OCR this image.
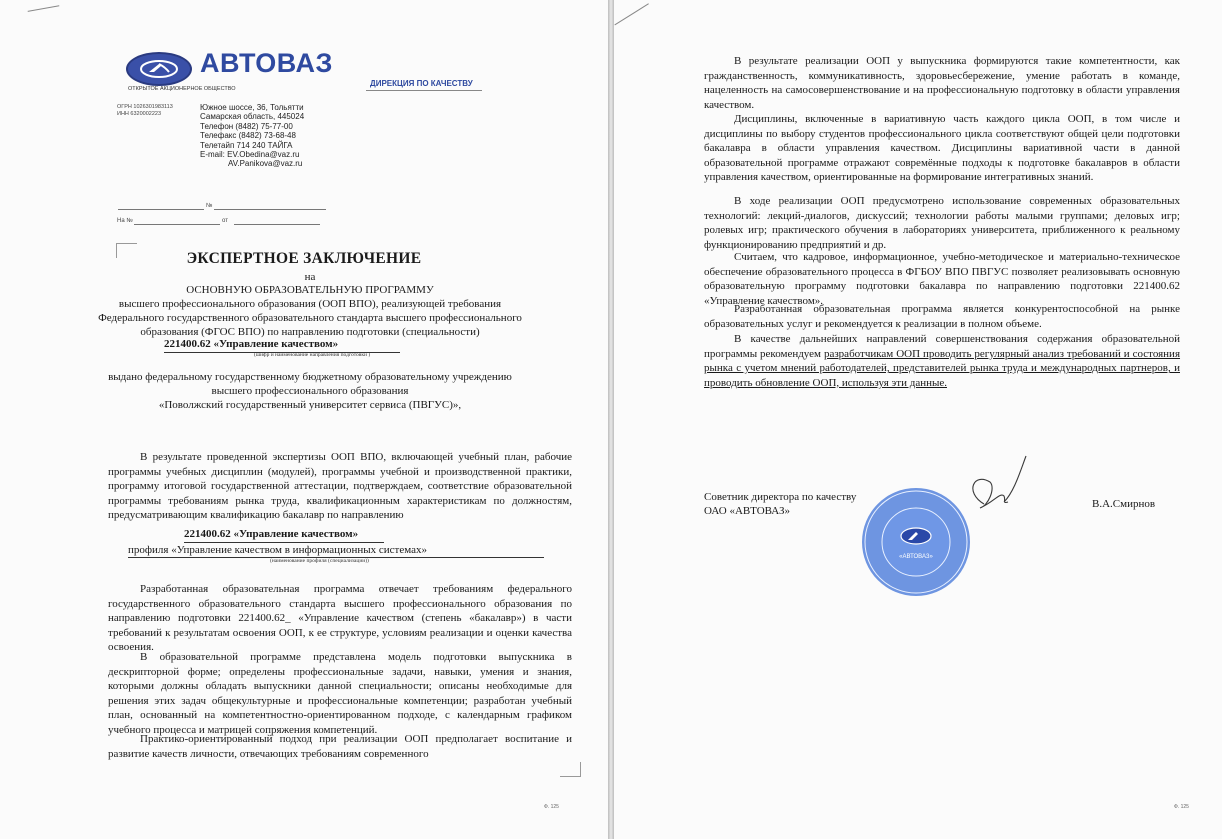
АВТОВАЗ
ОТКРЫТОЕ АКЦИОНЕРНОЕ ОБЩЕСТВО
ДИРЕКЦИЯ ПО КАЧЕСТВУ
ОГРН 1026301983113
ИНН 6320002223
Южное шоссе, 36, Тольятти
Самарская область, 445024
Телефон (8482) 75-77-00
Телефакс (8482) 73-68-48
Телетайп 714 240 ТАЙГА
E-mail: EV.Obedina@vaz.ru
AV.Panikova@vaz.ru
№
На №	от
ЭКСПЕРТНОЕ ЗАКЛЮЧЕНИЕ
на
ОСНОВНУЮ ОБРАЗОВАТЕЛЬНУЮ ПРОГРАММУ
высшего профессионального образования (ООП ВПО), реализующей требования
Федерального государственного образовательного стандарта высшего профессионального
образования (ФГОС ВПО) по направлению подготовки (специальности)
221400.62 «Управление качеством»
(шифр и наименование направления подготовки )
выдано федеральному государственному бюджетному образовательному учреждению
высшего профессионального образования
«Поволжский государственный университет сервиса (ПВГУС)»,
В результате проведенной экспертизы ООП ВПО, включающей учебный план, рабочие программы учебных дисциплин (модулей), программы учебной и производственной практики, программу итоговой государственной аттестации, подтверждаем, соответствие образовательной программы требованиям рынка труда, квалификационным характеристикам по должностям, предусматривающим квалификацию бакалавр по направлению
221400.62 «Управление качеством»
профиля «Управление качеством в информационных системах»
(наименование профиля (специализации))
Разработанная образовательная программа отвечает требованиям федерального государственного образовательного стандарта высшего профессионального образования по направлению подготовки 221400.62_ «Управление качеством (степень «бакалавр») в части требований к результатам освоения ООП, к ее структуре, условиям реализации и оценки качества освоения.
В образовательной программе представлена модель подготовки выпускника в дескрипторной форме; определены профессиональные задачи, навыки, умения и знания, которыми должны обладать выпускники данной специальности; описаны необходимые для решения этих задач общекультурные и профессиональные компетенции; разработан учебный план, основанный на компетентностно-ориентированном подходе, с календарным графиком учебного процесса и матрицей сопряжения компетенций.
Практико-ориентированный подход при реализации ООП предполагает воспитание и развитие качеств личности, отвечающих требованиям современного
Ф. 125
В результате реализации ООП у выпускника формируются такие компетентности, как гражданственность, коммуникативность, здоровьесбережение, умение работать в команде, нацеленность на самосовершенствование и на профессиональную подготовку в области управления качеством.
Дисциплины, включенные в вариативную часть каждого цикла ООП, в том числе и дисциплины по выбору студентов профессионального цикла соответствуют общей цели подготовки бакалавра в области управления качеством. Дисциплины вариативной части в данной образовательной программе отражают совремённые подходы к подготовке бакалавров в области управления качеством, ориентированные на формирование интегративных знаний.
В ходе реализации ООП предусмотрено использование современных образовательных технологий: лекций-диалогов, дискуссий; технологии работы малыми группами; деловых игр; ролевых игр; практического обучения в лабораториях университета, приближенного к реальному функционированию предприятий и др.
Считаем, что кадровое, информационное, учебно-методическое и материально-техническое обеспечение образовательного процесса в ФГБОУ ВПО ПВГУС позволяет реализовывать основную образовательную программу подготовки бакалавра по направлению подготовки 221400.62 «Управление качеством».
Разработанная образовательная программа является конкурентоспособной на рынке образовательных услуг и рекомендуется к реализации в полном объеме.
В качестве дальнейших направлений совершенствования содержания образовательной программы рекомендуем разработчикам ООП проводить регулярный анализ требований и состояния рынка с учетом мнений работодателей, представителей рынка труда и международных партнеров, и проводить обновление ООП, используя эти данные.
Советник директора по качеству
ОАО «АВТОВАЗ»
В.А.Смирнов
«АВТОВАЗ»
Ф. 125
